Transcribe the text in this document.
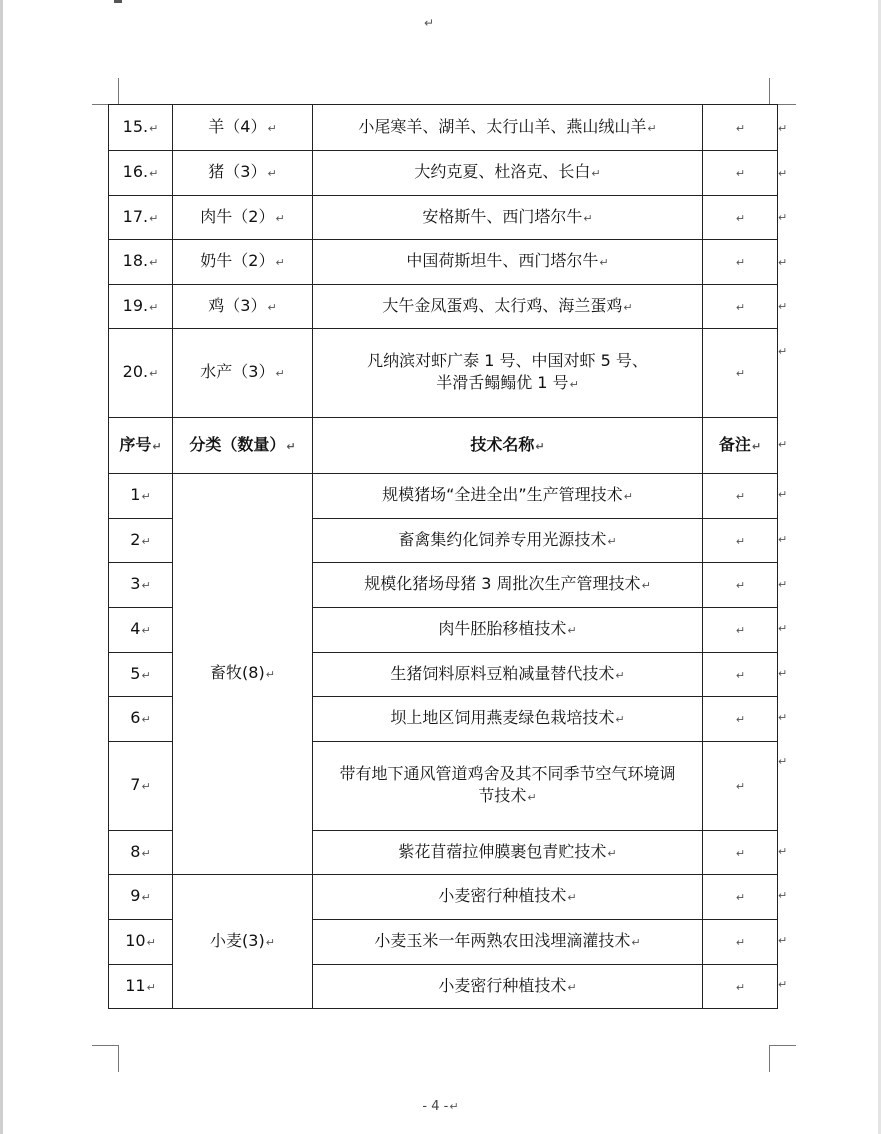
↵
15.↵	羊（4）↵	小尾寒羊、湖羊、太行山羊、燕山绒山羊↵	↵
16.↵	猪（3）↵	大约克夏、杜洛克、长白↵	↵
17.↵	肉牛（2）↵	安格斯牛、西门塔尔牛↵	↵
18.↵	奶牛（2）↵	中国荷斯坦牛、西门塔尔牛↵	↵
19.↵	鸡（3）↵	大午金凤蛋鸡、太行鸡、海兰蛋鸡↵	↵
20.↵	水产（3）↵	凡纳滨对虾广泰 1 号、中国对虾 5 号、
半滑舌鳎鳎优 1 号↵	↵
序号↵	分类（数量）↵	技术名称↵	备注↵
1↵	畜牧(8)↵	规模猪场“全进全出”生产管理技术↵	↵
2↵		畜禽集约化饲养专用光源技术↵	↵
3↵		规模化猪场母猪 3 周批次生产管理技术↵	↵
4↵		肉牛胚胎移植技术↵	↵
5↵		生猪饲料原料豆粕减量替代技术↵	↵
6↵		坝上地区饲用燕麦绿色栽培技术↵	↵
7↵		带有地下通风管道鸡舍及其不同季节空气环境调
节技术↵	↵
8↵		紫花苜蓿拉伸膜裹包青贮技术↵	↵
9↵	小麦(3)↵	小麦密行种植技术↵	↵
10↵		小麦玉米一年两熟农田浅埋滴灌技术↵	↵
11↵		小麦密行种植技术↵	↵
↵
↵
↵
↵
↵
↵
↵
↵
↵
↵
↵
↵
↵
↵
↵
↵
↵
↵
- 4 -↵
